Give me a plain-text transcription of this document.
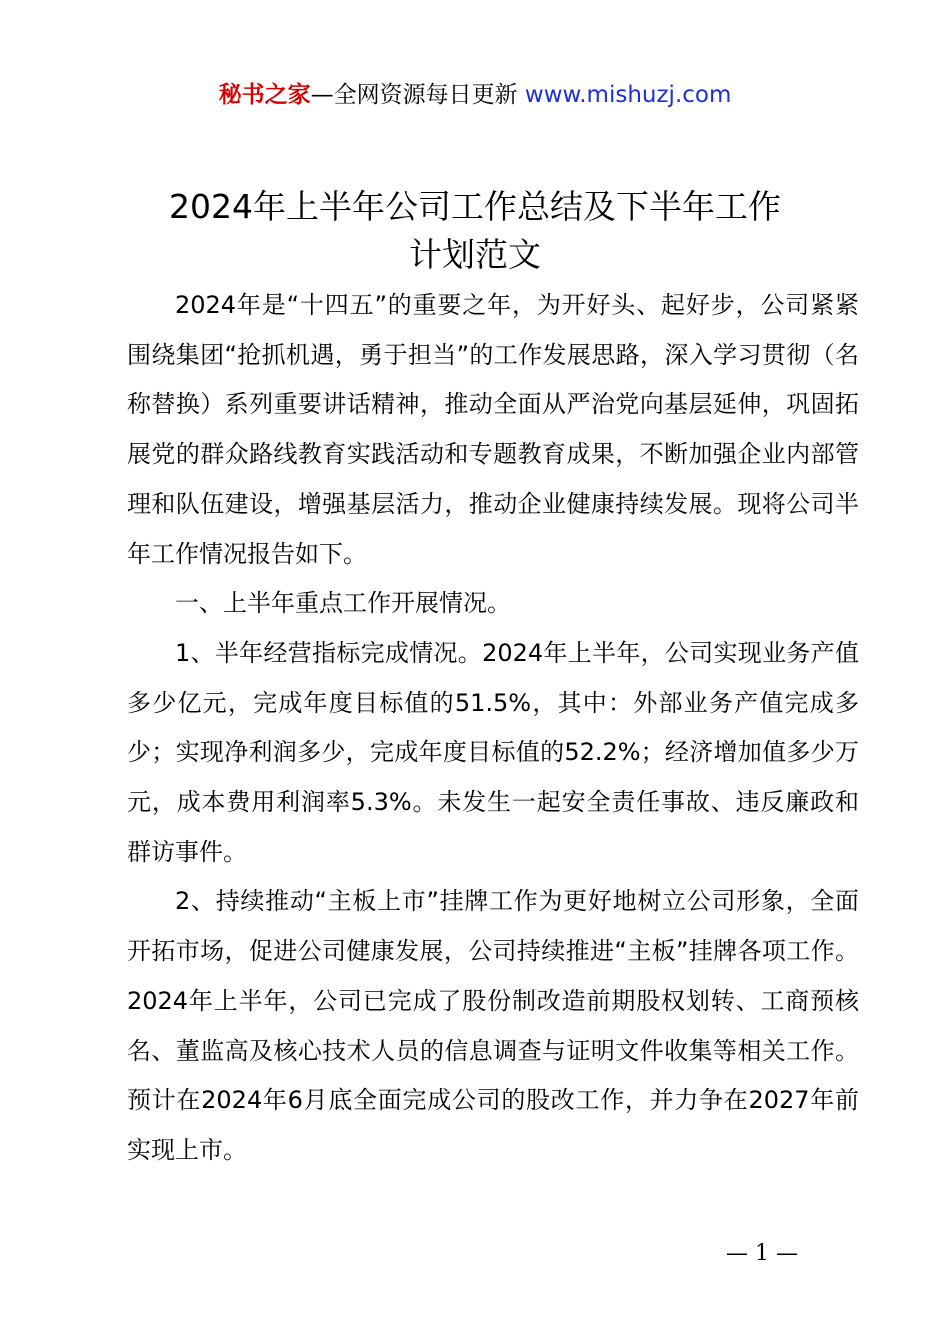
秘书之家—全网资源每日更新 www.mishuzj.com
2024年上半年公司工作总结及下半年工作
计划范文

2024年是“十四五”的重要之年，为开好头、起好步，公司紧紧围绕集团“抢抓机遇，勇于担当”的工作发展思路，深入学习贯彻（名称替换）系列重要讲话精神，推动全面从严治党向基层延伸，巩固拓展党的群众路线教育实践活动和专题教育成果，不断加强企业内部管理和队伍建设，增强基层活力，推动企业健康持续发展。现将公司半年工作情况报告如下。

一、上半年重点工作开展情况。

1、半年经营指标完成情况。2024年上半年，公司实现业务产值多少亿元，完成年度目标值的51.5%，其中：外部业务产值完成多少；实现净利润多少，完成年度目标值的52.2%；经济增加值多少万元，成本费用利润率5.3%。未发生一起安全责任事故、违反廉政和群访事件。

2、持续推动“主板上市”挂牌工作为更好地树立公司形象，全面开拓市场，促进公司健康发展，公司持续推进“主板”挂牌各项工作。2024年上半年，公司已完成了股份制改造前期股权划转、工商预核名、董监高及核心技术人员的信息调查与证明文件收集等相关工作。预计在2024年6月底全面完成公司的股改工作，并力争在2027年前实现上市。

— 1 —
